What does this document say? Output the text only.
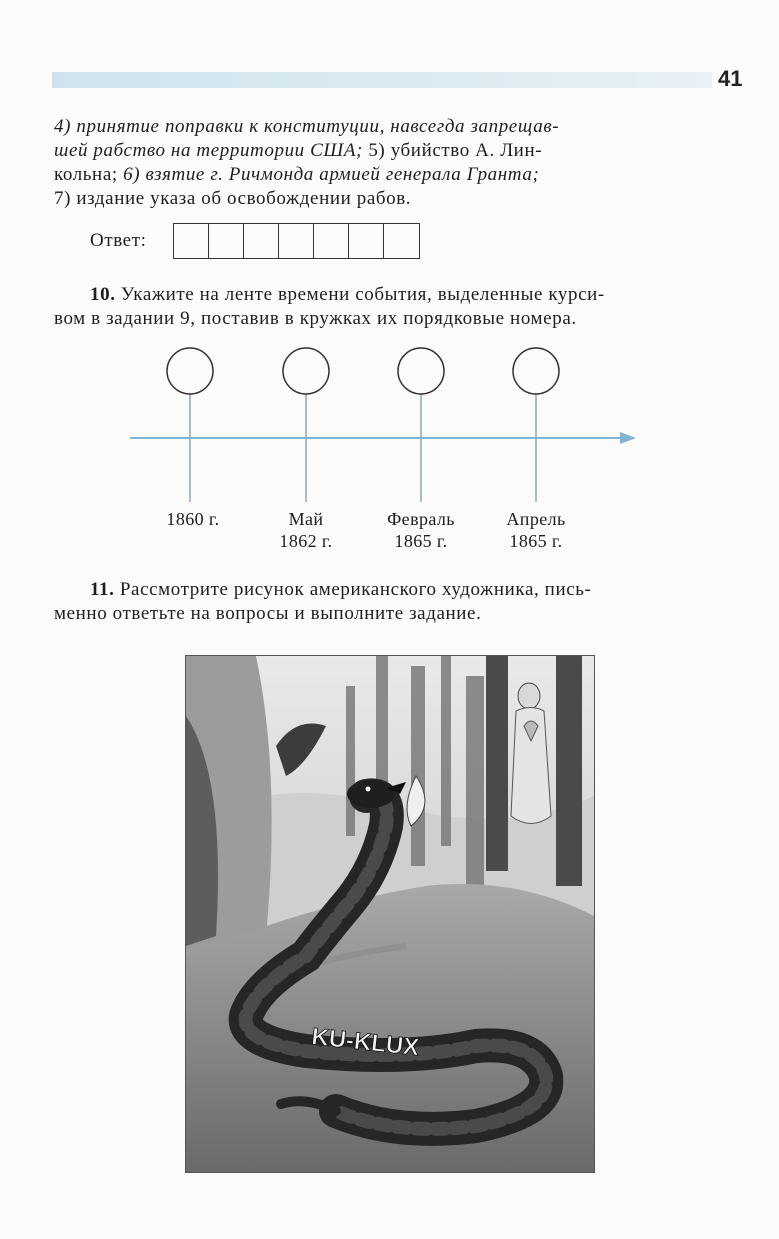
41

4) принятие поправки к конституции, навсегда запрещав-
шей рабство на территории США; 5) убийство А. Лин-
кольна; 6) взятие г. Ричмонда армией генерала Гранта;
7) издание указа об освобождении рабов.

Ответ:

10. Укажите на ленте времени события, выделенные курси-
вом в задании 9, поставив в кружках их порядковые номера.

1860 г.	Май
1862 г.
Февраль
1865 г.
Апрель
1865 г.

11. Рассмотрите рисунок американского художника, пись-
менно ответьте на вопросы и выполните задание.

KU-KLUX
